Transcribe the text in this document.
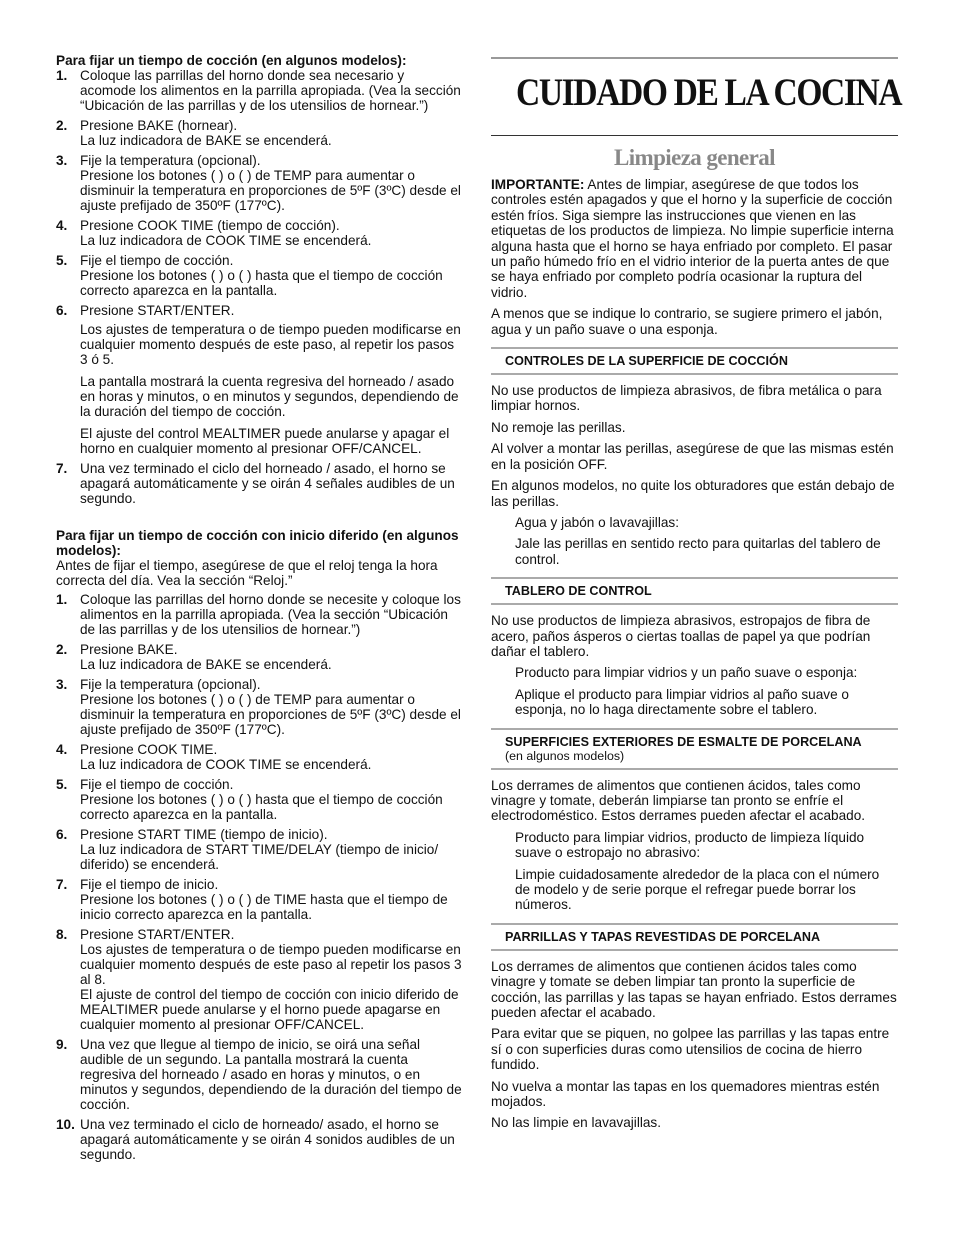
Para fijar un tiempo de cocción (en algunos modelos):

1. Coloque las parrillas del horno donde sea necesario y acomode los alimentos en la parrilla apropiada. (Vea la sección “Ubicación de las parrillas y de los utensilios de hornear.”)
2. Presione BAKE (hornear).
La luz indicadora de BAKE se encenderá.
3. Fije la temperatura (opcional).
Presione los botones ( ) o ( ) de TEMP para aumentar o disminuir la temperatura en proporciones de 5ºF (3ºC) desde el ajuste prefijado de 350ºF (177ºC).
4. Presione COOK TIME (tiempo de cocción).
La luz indicadora de COOK TIME se encenderá.
5. Fije el tiempo de cocción.
Presione los botones ( ) o ( ) hasta que el tiempo de cocción correcto aparezca en la pantalla.
6. Presione START/ENTER.
Los ajustes de temperatura o de tiempo pueden modificarse en cualquier momento después de este paso, al repetir los pasos 3 ó 5.
La pantalla mostrará la cuenta regresiva del horneado / asado en horas y minutos, o en minutos y segundos, dependiendo de la duración del tiempo de cocción.
El ajuste del control MEALTIMER puede anularse y apagar el horno en cualquier momento al presionar OFF/CANCEL.
7. Una vez terminado el ciclo del horneado / asado, el horno se apagará automáticamente y se oirán 4 señales audibles de un segundo.

Para fijar un tiempo de cocción con inicio diferido (en algunos modelos):

Antes de fijar el tiempo, asegúrese de que el reloj tenga la hora correcta del día. Vea la sección “Reloj.”

1. Coloque las parrillas del horno donde se necesite y coloque los alimentos en la parrilla apropiada. (Vea la sección “Ubicación de las parrillas y de los utensilios de hornear.”)
2. Presione BAKE.
La luz indicadora de BAKE se encenderá.
3. Fije la temperatura (opcional).
Presione los botones ( ) o ( ) de TEMP para aumentar o disminuir la temperatura en proporciones de 5ºF (3ºC) desde el ajuste prefijado de 350ºF (177ºC).
4. Presione COOK TIME.
La luz indicadora de COOK TIME se encenderá.
5. Fije el tiempo de cocción.
Presione los botones ( ) o ( ) hasta que el tiempo de cocción correcto aparezca en la pantalla.
6. Presione START TIME (tiempo de inicio).
La luz indicadora de START TIME/DELAY (tiempo de inicio/ diferido) se encenderá.
7. Fije el tiempo de inicio.
Presione los botones ( ) o ( ) de TIME hasta que el tiempo de inicio correcto aparezca en la pantalla.
8. Presione START/ENTER.
Los ajustes de temperatura o de tiempo pueden modificarse en cualquier momento después de este paso al repetir los pasos 3 al 8.
El ajuste de control del tiempo de cocción con inicio diferido de MEALTIMER puede anularse y el horno puede apagarse en cualquier momento al presionar OFF/CANCEL.
9. Una vez que llegue al tiempo de inicio, se oirá una señal audible de un segundo. La pantalla mostrará la cuenta regresiva del horneado / asado en horas y minutos, o en minutos y segundos, dependiendo de la duración del tiempo de cocción.
10. Una vez terminado el ciclo de horneado/ asado, el horno se apagará automáticamente y se oirán 4 sonidos audibles de un segundo.
CUIDADO DE LA COCINA
Limpieza general

IMPORTANTE: Antes de limpiar, asegúrese de que todos los controles estén apagados y que el horno y la superficie de cocción estén fríos. Siga siempre las instrucciones que vienen en las etiquetas de los productos de limpieza. No limpie superficie interna alguna hasta que el horno se haya enfriado por completo. El pasar un paño húmedo frío en el vidrio interior de la puerta antes de que se haya enfriado por completo podría ocasionar la ruptura del vidrio.

A menos que se indique lo contrario, se sugiere primero el jabón, agua y un paño suave o una esponja.

CONTROLES DE LA SUPERFICIE DE COCCIÓN

No use productos de limpieza abrasivos, de fibra metálica o para limpiar hornos.

No remoje las perillas.

Al volver a montar las perillas, asegúrese de que las mismas estén en la posición OFF.

En algunos modelos, no quite los obturadores que están debajo de las perillas.

Agua y jabón o lavavajillas:

Jale las perillas en sentido recto para quitarlas del tablero de control.

TABLERO DE CONTROL

No use productos de limpieza abrasivos, estropajos de fibra de acero, paños ásperos o ciertas toallas de papel ya que podrían dañar el tablero.

Producto para limpiar vidrios y un paño suave o esponja:

Aplique el producto para limpiar vidrios al paño suave o esponja, no lo haga directamente sobre el tablero.

SUPERFICIES EXTERIORES DE ESMALTE DE PORCELANA
(en algunos modelos)

Los derrames de alimentos que contienen ácidos, tales como vinagre y tomate, deberán limpiarse tan pronto se enfríe el electrodoméstico. Estos derrames pueden afectar el acabado.

Producto para limpiar vidrios, producto de limpieza líquido suave o estropajo no abrasivo:

Limpie cuidadosamente alrededor de la placa con el número de modelo y de serie porque el refregar puede borrar los números.

PARRILLAS Y TAPAS REVESTIDAS DE PORCELANA

Los derrames de alimentos que contienen ácidos tales como vinagre y tomate se deben limpiar tan pronto la superficie de cocción, las parrillas y las tapas se hayan enfriado. Estos derrames pueden afectar el acabado.

Para evitar que se piquen, no golpee las parrillas y las tapas entre sí o con superficies duras como utensilios de cocina de hierro fundido.

No vuelva a montar las tapas en los quemadores mientras estén mojados.

No las limpie en lavavajillas.
